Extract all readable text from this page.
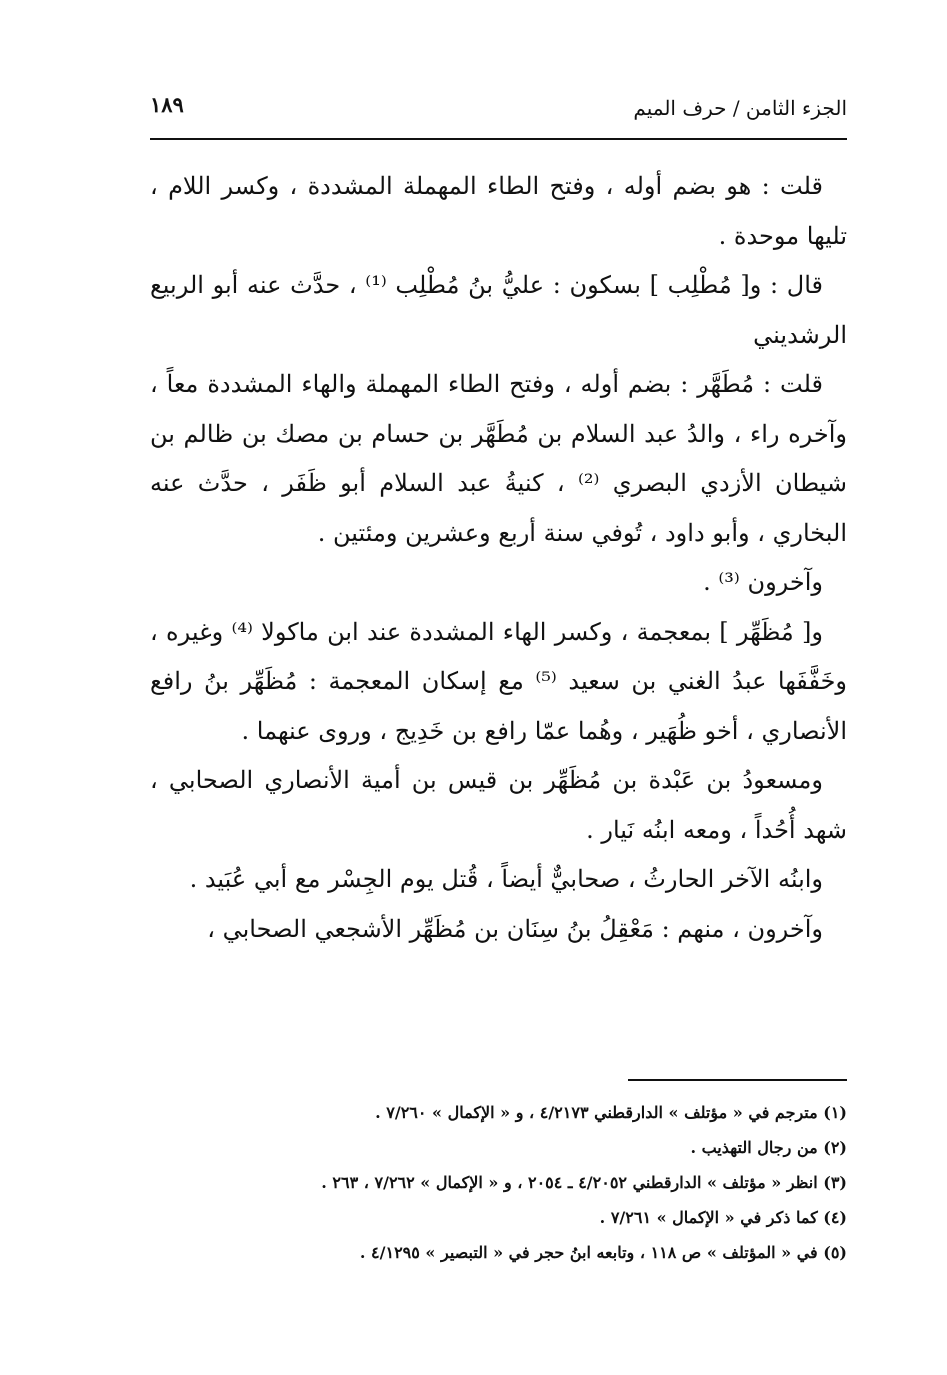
الجزء الثامن / حرف الميم
١٨٩

قلت : هو بضم أوله ، وفتح الطاء المهملة المشددة ، وكسر اللام ، تليها موحدة .

قال : و[ مُطْلِب ] بسكون : عليُّ بنُ مُطْلِب ⁽¹⁾ ، حدَّث عنه أبو الربيع الرشديني

قلت : مُطَهَّر : بضم أوله ، وفتح الطاء المهملة والهاء المشددة معاً ، وآخره راء ، والدُ عبد السلام بن مُطَهَّر بن حسام بن مصك بن ظالم بن شيطان الأزدي البصري ⁽²⁾ ، كنيةُ عبد السلام أبو ظَفَر ، حدَّث عنه البخاري ، وأبو داود ، تُوفي سنة أربع وعشرين ومئتين .

وآخرون ⁽³⁾ .

و[ مُظَهِّر ] بمعجمة ، وكسر الهاء المشددة عند ابن ماكولا ⁽⁴⁾ وغيره ، وخَفَّفَها عبدُ الغني بن سعيد ⁽⁵⁾ مع إسكان المعجمة : مُظَهِّر بنُ رافع الأنصاري ، أخو ظُهَير ، وهُما عمّا رافع بن خَدِيج ، وروى عنهما .

ومسعودُ بن عَبْدة بن مُظَهِّر بن قيس بن أمية الأنصاري الصحابي ، شهد أُحُداً ، ومعه ابنُه نَيار .

وابنُه الآخر الحارثُ ، صحابيٌّ أيضاً ، قُتل يوم الجِسْر مع أبي عُبَيد .

وآخرون ، منهم : مَعْقِلُ بنُ سِنَان بن مُظَهِّر الأشجعي الصحابي ،

(١) مترجم في « مؤتلف » الدارقطني ٤/٢١٧٣ ، و « الإكمال » ٧/٢٦٠ .

(٢) من رجال التهذيب .

(٣) انظر « مؤتلف » الدارقطني ٤/٢٠٥٢ ـ ٢٠٥٤ ، و « الإكمال » ٧/٢٦٢ ، ٢٦٣ .

(٤) كما ذكر في « الإكمال » ٧/٢٦١ .

(٥) في « المؤتلف » ص ١١٨ ، وتابعه ابنُ حجر في « التبصير » ٤/١٢٩٥ .
